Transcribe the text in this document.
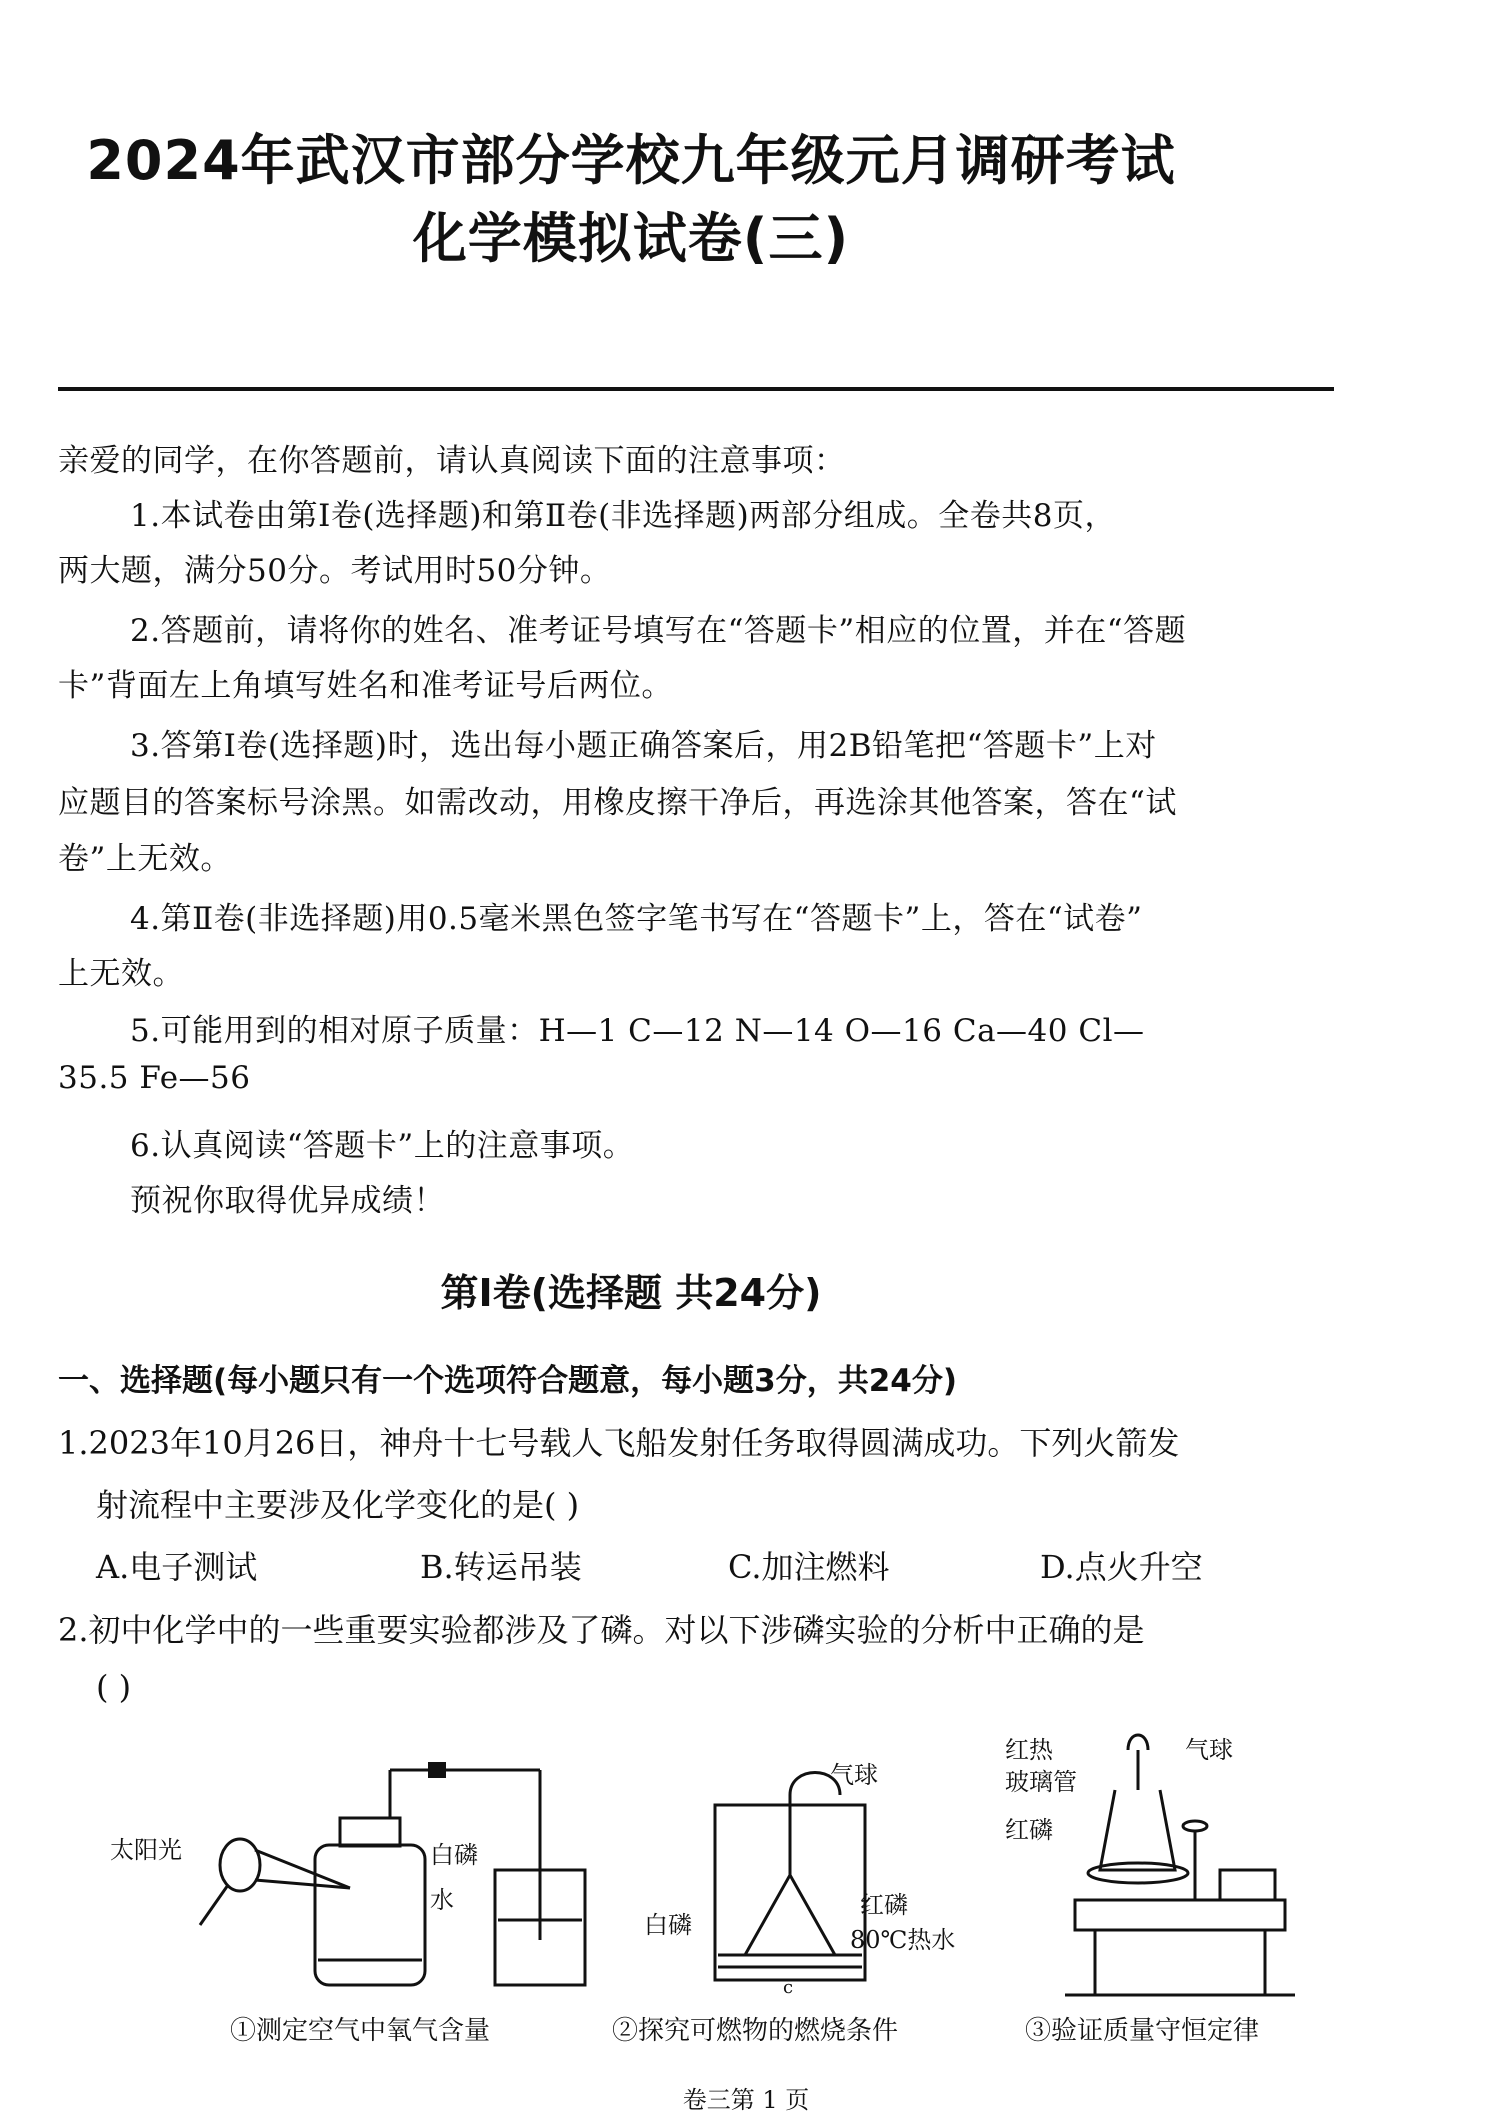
2024年武汉市部分学校九年级元月调研考试
化学模拟试卷(三)
亲爱的同学，在你答题前，请认真阅读下面的注意事项：
1.本试卷由第Ⅰ卷(选择题)和第Ⅱ卷(非选择题)两部分组成。全卷共8页，
两大题，满分50分。考试用时50分钟。
2.答题前，请将你的姓名、准考证号填写在“答题卡”相应的位置，并在“答题
卡”背面左上角填写姓名和准考证号后两位。
3.答第Ⅰ卷(选择题)时，选出每小题正确答案后，用2B铅笔把“答题卡”上对
应题目的答案标号涂黑。如需改动，用橡皮擦干净后，再选涂其他答案，答在“试
卷”上无效。
4.第Ⅱ卷(非选择题)用0.5毫米黑色签字笔书写在“答题卡”上，答在“试卷”
上无效。
5.可能用到的相对原子质量：H—1 C—12 N—14 O—16 Ca—40 Cl—
35.5 Fe—56
6.认真阅读“答题卡”上的注意事项。
预祝你取得优异成绩！
第Ⅰ卷(选择题 共24分)
一、选择题(每小题只有一个选项符合题意，每小题3分，共24分)
1.2023年10月26日，神舟十七号载人飞船发射任务取得圆满成功。下列火箭发
射流程中主要涉及化学变化的是( )
A.电子测试	B.转运吊装	C.加注燃料	D.点火升空
2.初中化学中的一些重要实验都涉及了磷。对以下涉磷实验的分析中正确的是
( )
太阳光	白磷
水
①测定空气中氧气含量
气球
白磷
红磷
80℃热水
c
②探究可燃物的燃烧条件
红热
玻璃管
气球
红磷
③验证质量守恒定律
卷三第 1 页
